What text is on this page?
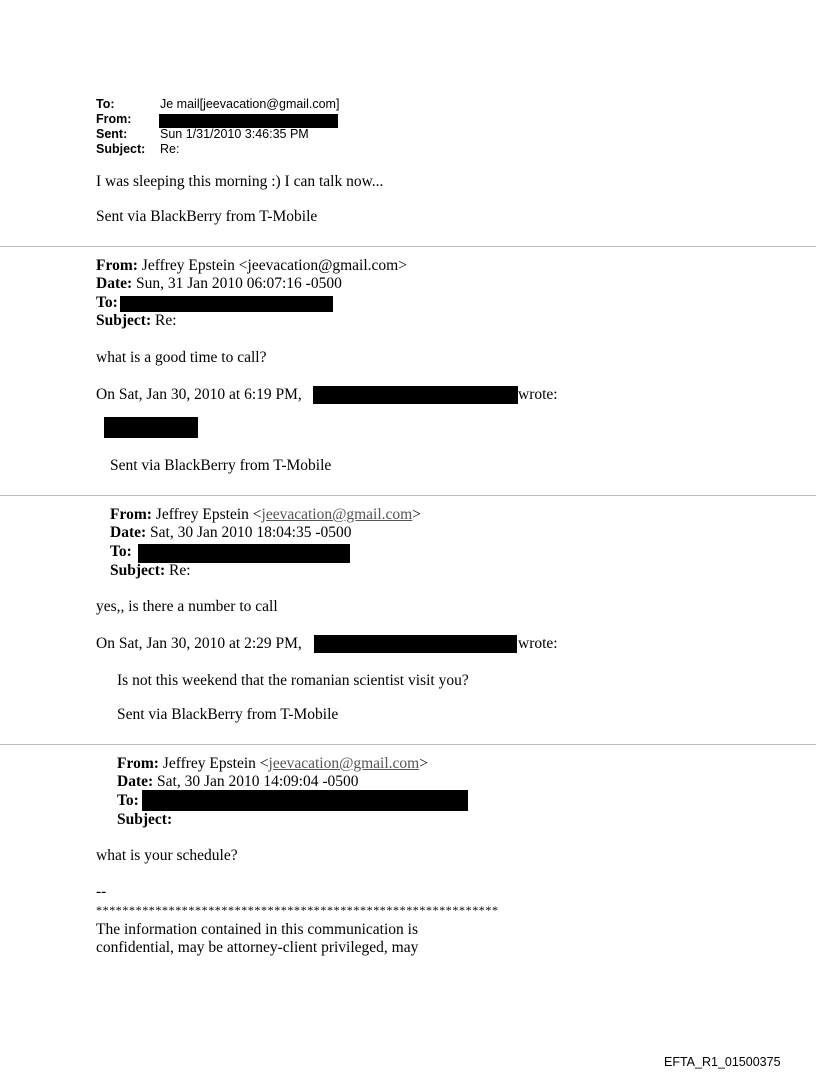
To:	Je mail[jeevacation@gmail.com]
From:
Sent:	Sun 1/31/2010 3:46:35 PM
Subject: Re:
I was sleeping this morning :) I can talk now...
Sent via BlackBerry from T-Mobile
From: Jeffrey Epstein <jeevacation@gmail.com>
Date: Sun, 31 Jan 2010 06:07:16 -0500
To:
Subject: Re:
what is a good time to call?
On Sat, Jan 30, 2010 at 6:19 PM,	wrote:
Sent via BlackBerry from T-Mobile
From: Jeffrey Epstein <jeevacation@gmail.com>
Date: Sat, 30 Jan 2010 18:04:35 -0500
To:
Subject: Re:
yes,, is there a number to call
On Sat, Jan 30, 2010 at 2:29 PM,	wrote:
Is not this weekend that the romanian scientist visit you?
Sent via BlackBerry from T-Mobile
From: Jeffrey Epstein <jeevacation@gmail.com>
Date: Sat, 30 Jan 2010 14:09:04 -0500
To:
Subject:
what is your schedule?
--
*************************************************************
The information contained in this communication is
confidential, may be attorney-client privileged, may
EFTA_R1_01500375
